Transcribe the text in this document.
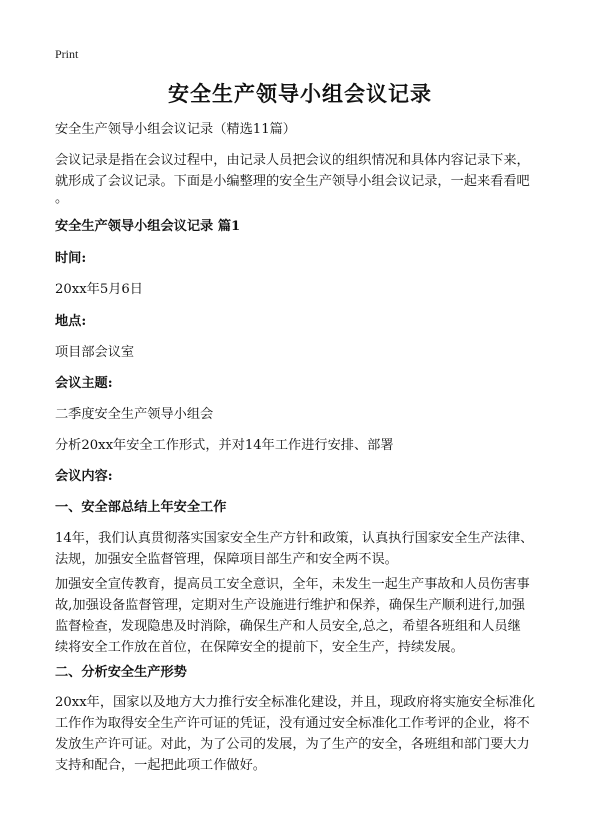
Print
安全生产领导小组会议记录
安全生产领导小组会议记录（精选11篇）

会议记录是指在会议过程中，由记录人员把会议的组织情况和具体内容记录下来，

就形成了会议记录。下面是小编整理的安全生产领导小组会议记录，一起来看看吧

。

安全生产领导小组会议记录 篇1
时间:
20xx年5月6日
地点:
项目部会议室
会议主题:
二季度安全生产领导小组会
分析20xx年安全工作形式，并对14年工作进行安排、部署
会议内容:
一、安全部总结上年安全工作

14年，我们认真贯彻落实国家安全生产方针和政策，认真执行国家安全生产法律、

法规，加强安全监督管理，保障项目部生产和安全两不误。

加强安全宣传教育，提高员工安全意识，全年，未发生一起生产事故和人员伤害事

故,加强设备监督管理，定期对生产设施进行维护和保养，确保生产顺利进行,加强

监督检查，发现隐患及时消除，确保生产和人员安全,总之，希望各班组和人员继

续将安全工作放在首位，在保障安全的提前下，安全生产，持续发展。

二、分析安全生产形势

20xx年，国家以及地方大力推行安全标准化建设，并且，现政府将实施安全标准化

工作作为取得安全生产许可证的凭证，没有通过安全标准化工作考评的企业，将不

发放生产许可证。对此，为了公司的发展，为了生产的安全，各班组和部门要大力

支持和配合，一起把此项工作做好。
